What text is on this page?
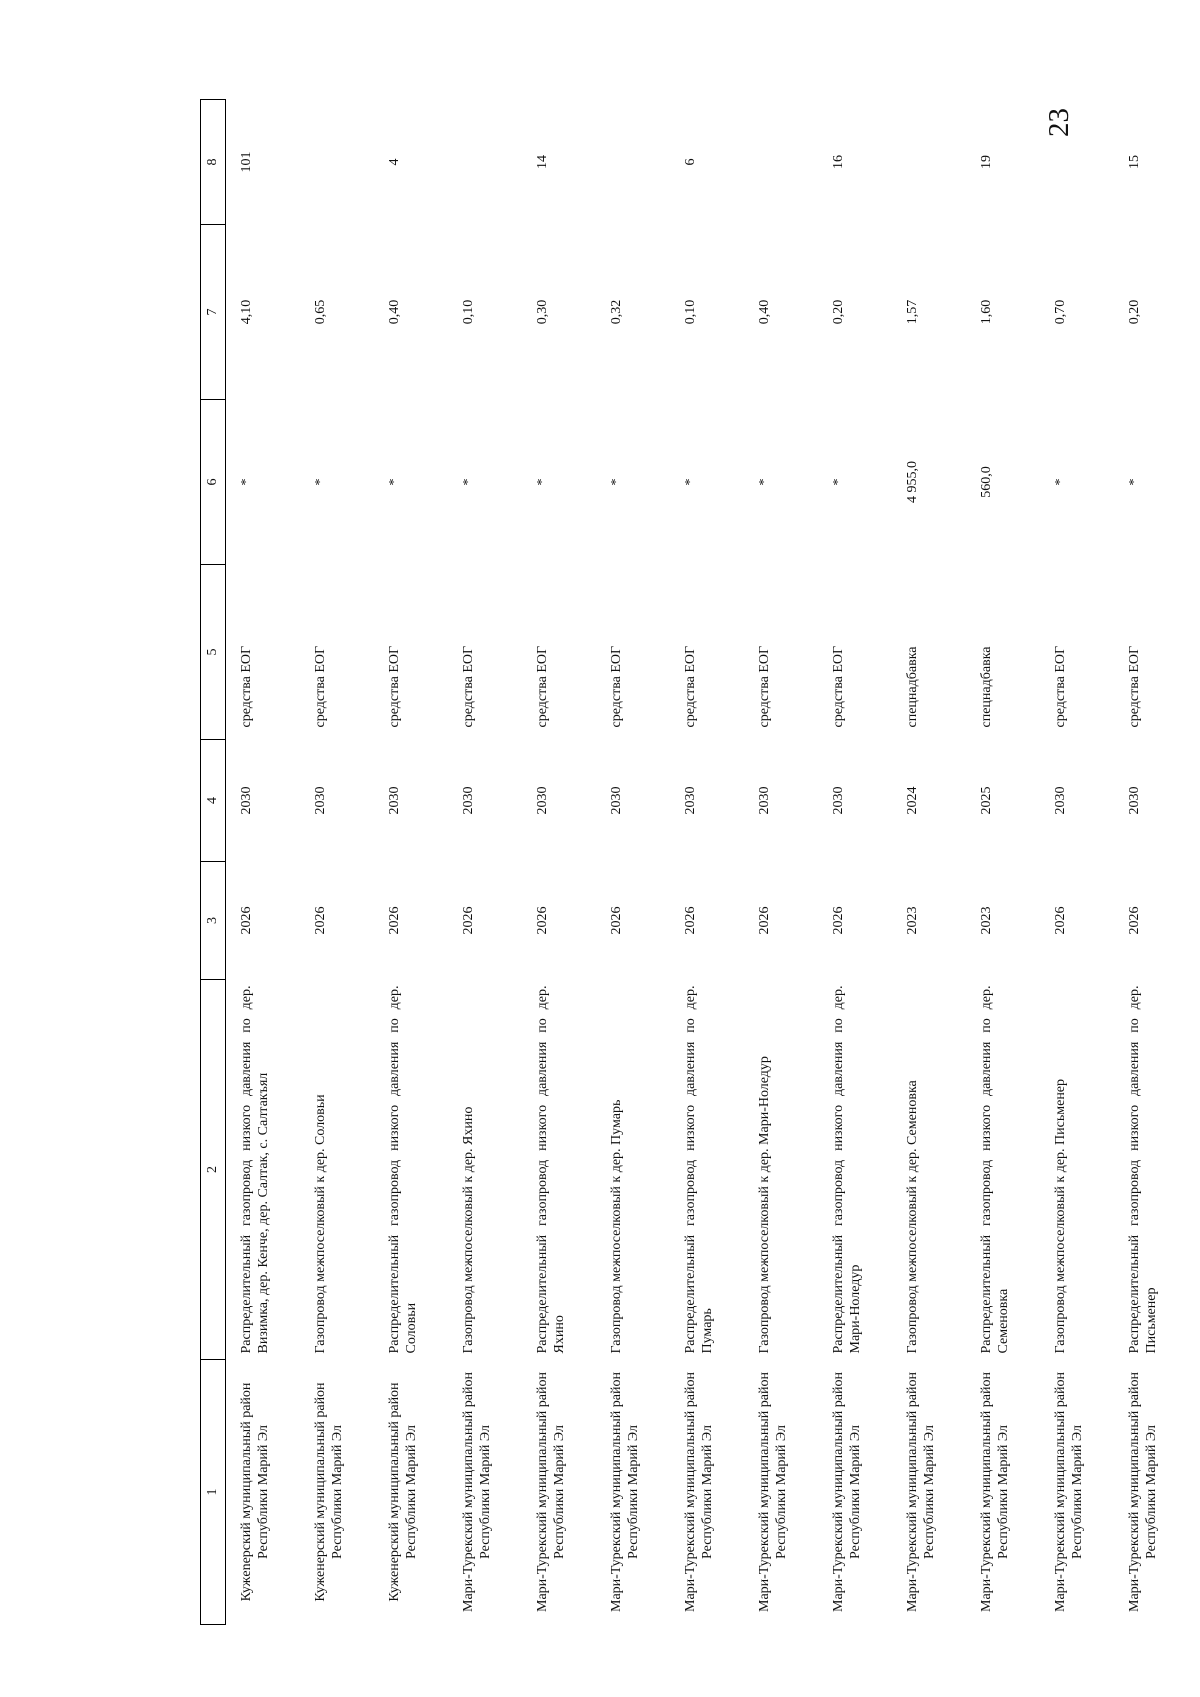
23
1	2	3	4	5	6	7	8
Кужenерский муниципальный район Республики Марий Эл	Распределительный газопровод низкого давления по дер. Визимка, дер. Кенче, дер. Салтак, с. Салтакъял	2026	2030	средства ЕОГ	*	4,10	101
Куженерский муниципальный район Республики Марий Эл	Газопровод межпоселковый к дер. Соловьи	2026	2030	средства ЕОГ	*	0,65	
Куженерский муниципальный район Республики Марий Эл	Распределительный газопровод низкого давления по дер. Соловьи	2026	2030	средства ЕОГ	*	0,40	4
Мари-Турекский муниципальный район Республики Марий Эл	Газопровод межпоселковый к дер. Яхино	2026	2030	средства ЕОГ	*	0,10	
Мари-Турекский муниципальный район Республики Марий Эл	Распределительный газопровод низкого давления по дер. Яхино	2026	2030	средства ЕОГ	*	0,30	14
Мари-Турекский муниципальный район Республики Марий Эл	Газопровод межпоселковый к дер. Пумарь	2026	2030	средства ЕОГ	*	0,32	
Мари-Турекский муниципальный район Республики Марий Эл	Распределительный газопровод низкого давления по дер. Пумарь	2026	2030	средства ЕОГ	*	0,10	6
Мари-Турекский муниципальный район Республики Марий Эл	Газопровод межпоселковый к дер. Мари-Ноледур	2026	2030	средства ЕОГ	*	0,40	
Мари-Турекский муниципальный район Республики Марий Эл	Распределительный газопровод низкого давления по дер. Мари-Ноледур	2026	2030	средства ЕОГ	*	0,20	16
Мари-Турекский муниципальный район Республики Марий Эл	Газопровод межпоселковый к дер. Семеновка	2023	2024	спецнадбавка	4 955,0	1,57	
Мари-Турекский муниципальный район Республики Марий Эл	Распределительный газопровод низкого давления по дер. Семеновка	2023	2025	спецнадбавка	560,0	1,60	19
Мари-Турекский муниципальный район Республики Марий Эл	Газопровод межпоселковый к дер. Письменер	2026	2030	средства ЕОГ	*	0,70	
Мари-Турекский муниципальный район Республики Марий Эл	Распределительный газопровод низкого давления по дер. Письменер	2026	2030	средства ЕОГ	*	0,20	15
